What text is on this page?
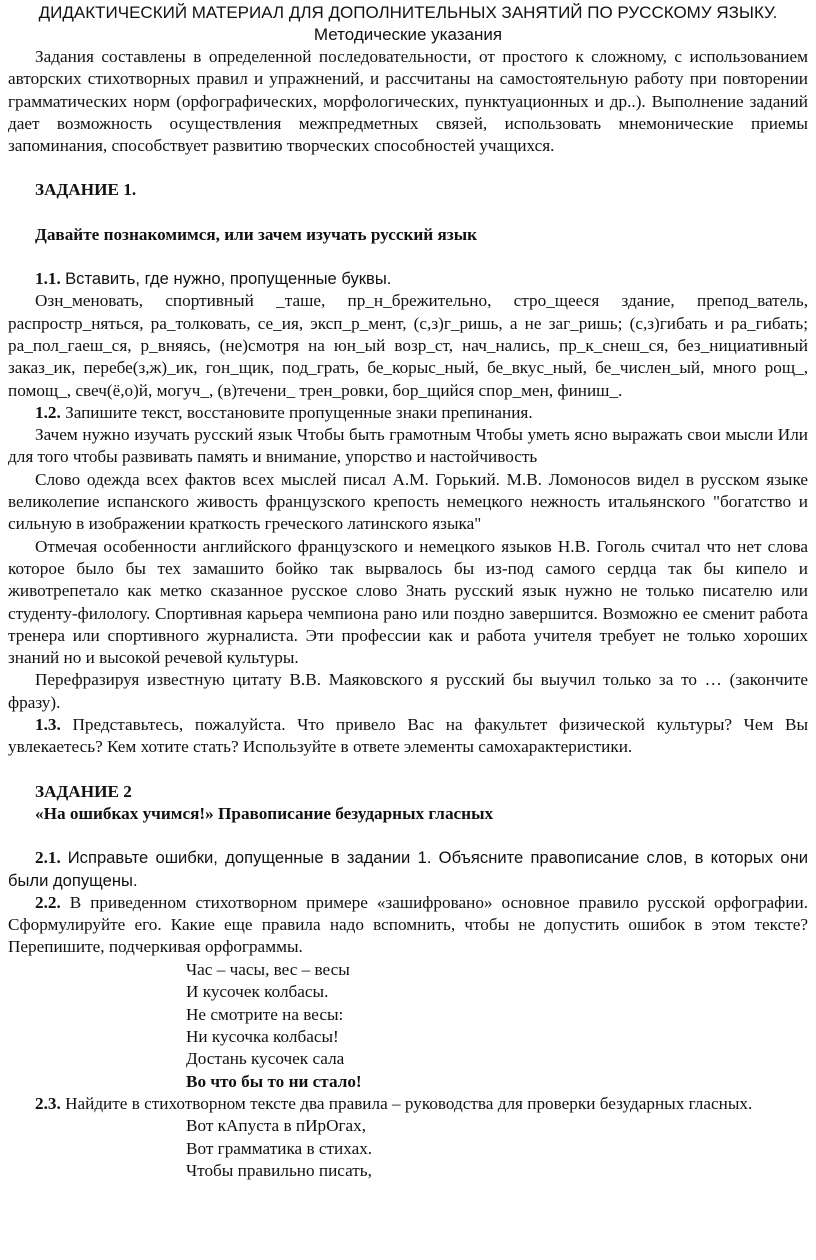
ДИДАКТИЧЕСКИЙ МАТЕРИАЛ ДЛЯ ДОПОЛНИТЕЛЬНЫХ ЗАНЯТИЙ ПО РУССКОМУ ЯЗЫКУ.
Методические указания

Задания составлены в определенной последовательности, от простого к сложному, с использованием авторских стихотворных правил и упражнений, и рассчитаны на самостоятельную работу при повторении грамматических норм (орфографических, морфологических, пунктуационных и др..). Выполнение заданий дает возможность осуществления межпредметных связей, использовать мнемонические приемы запоминания, способствует развитию творческих способностей учащихся.

ЗАДАНИЕ 1.
Давайте познакомимся, или зачем изучать русский язык

1.1. Вставить, где нужно, пропущенные буквы.

Озн_меновать, спортивный _таше, пр_н_брежительно, стро_щееся здание, препод_ватель, распростр_няться, ра_толковать, се_ия, эксп_р_мент, (с,з)г_ришь, а не заг_ришь; (с,з)гибать и ра_гибать; ра_пол_гаеш_ся, р_вняясь, (не)смотря на юн_ый возр_ст, нач_нались, пр_к_снеш_ся, без_нициативный заказ_ик, перебе(з,ж)_ик, гон_щик, под_грать, бе_корыс_ный, бе_вкус_ный, бе_числен_ый, много рощ_, помощ_, свеч(ё,о)й, могуч_, (в)течени_ трен_ровки, бор_щийся спор_мен, финиш_.

1.2. Запишите текст, восстановите пропущенные знаки препинания.

Зачем нужно изучать русский язык Чтобы быть грамотным Чтобы уметь ясно выражать свои мысли Или для того чтобы развивать память и внимание, упорство и настойчивость

Слово одежда всех фактов всех мыслей писал А.М. Горький. М.В. Ломоносов видел в русском языке великолепие испанского живость французского крепость немецкого нежность итальянского "богатство и сильную в изображении краткость греческого латинского языка"

Отмечая особенности английского французского и немецкого языков Н.В. Гоголь считал что нет слова которое было бы тех замашито бойко так вырвалось бы из-под самого сердца так бы кипело и животрепетало как метко сказанное русское слово Знать русский язык нужно не только писателю или студенту-филологу. Спортивная карьера чемпиона рано или поздно завершится. Возможно ее сменит работа тренера или спортивного журналиста. Эти профессии как и работа учителя требует не только хороших знаний но и высокой речевой культуры.

Перефразируя известную цитату В.В. Маяковского я русский бы выучил только за то … (закончите фразу).

1.3. Представьтесь, пожалуйста. Что привело Вас на факультет физической культуры? Чем Вы увлекаетесь? Кем хотите стать? Используйте в ответе элементы самохарактеристики.

ЗАДАНИЕ 2
«На ошибках учимся!» Правописание безударных гласных

2.1. Исправьте ошибки, допущенные в задании 1. Объясните правописание слов, в которых они были допущены.

2.2. В приведенном стихотворном примере «зашифровано» основное правило русской орфографии. Сформулируйте его. Какие еще правила надо вспомнить, чтобы не допустить ошибок в этом тексте? Перепишите, подчеркивая орфограммы.

Час – часы, вес – весы
И кусочек колбасы.
Не смотрите на весы:
Ни кусочка колбасы!
Достань кусочек сала
Во что бы то ни стало!

2.3. Найдите в стихотворном тексте два правила – руководства для проверки безударных гласных.

Вот кАпуста в пИрОгах,
Вот грамматика в стихах.
Чтобы правильно писать,
